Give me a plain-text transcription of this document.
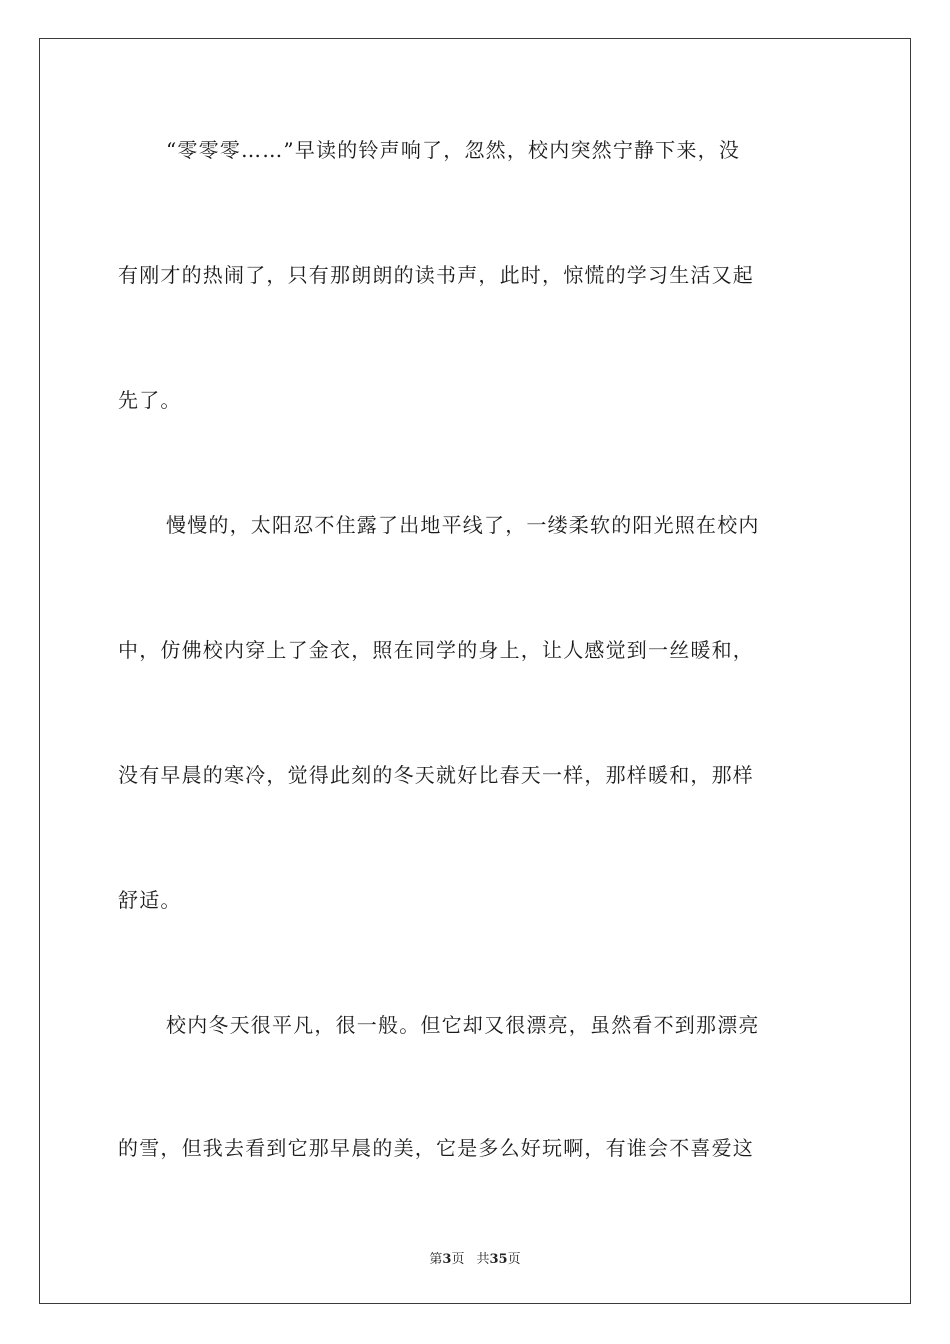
“零零零……”早读的铃声响了，忽然，校内突然宁静下来，没
有刚才的热闹了，只有那朗朗的读书声，此时，惊慌的学习生活又起
先了。
慢慢的，太阳忍不住露了出地平线了，一缕柔软的阳光照在校内
中，仿佛校内穿上了金衣，照在同学的身上，让人感觉到一丝暖和，
没有早晨的寒冷，觉得此刻的冬天就好比春天一样，那样暖和，那样
舒适。
校内冬天很平凡，很一般。但它却又很漂亮，虽然看不到那漂亮
的雪，但我去看到它那早晨的美，它是多么好玩啊，有谁会不喜爱这
第3页 共35页
